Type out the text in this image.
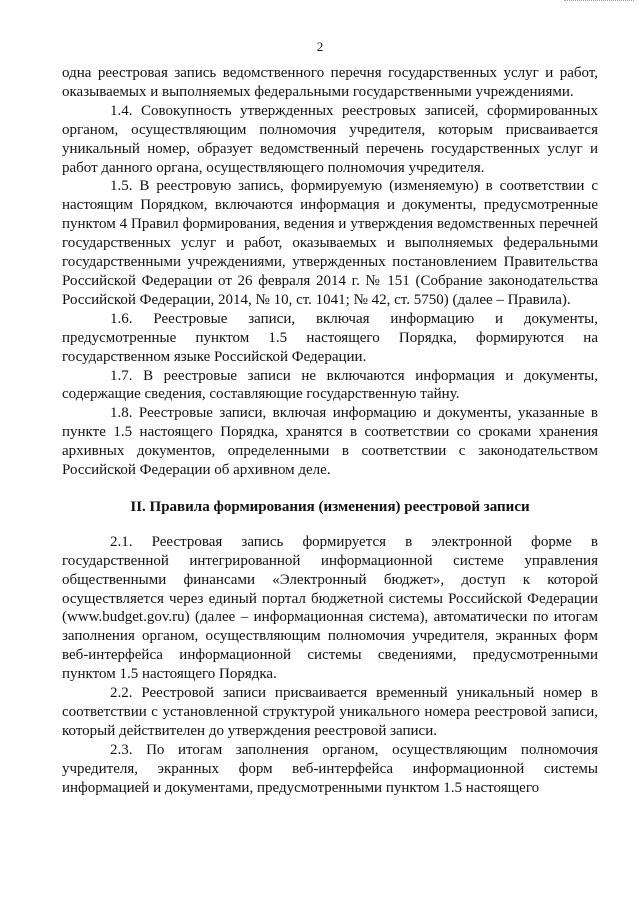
2

одна реестровая запись ведомственного перечня государственных услуг и работ, оказываемых и выполняемых федеральными государственными учреждениями.

1.4. Совокупность утвержденных реестровых записей, сформированных органом, осуществляющим полномочия учредителя, которым присваивается уникальный номер, образует ведомственный перечень государственных услуг и работ данного органа, осуществляющего полномочия учредителя.

1.5. В реестровую запись, формируемую (изменяемую) в соответствии с настоящим Порядком, включаются информация и документы, предусмотренные пунктом 4 Правил формирования, ведения и утверждения ведомственных перечней государственных услуг и работ, оказываемых и выполняемых федеральными государственными учреждениями, утвержденных постановлением Правительства Российской Федерации от 26 февраля 2014 г. № 151 (Собрание законодательства Российской Федерации, 2014, № 10, ст. 1041; № 42, ст. 5750) (далее – Правила).

1.6. Реестровые записи, включая информацию и документы, предусмотренные пунктом 1.5 настоящего Порядка, формируются на государственном языке Российской Федерации.

1.7. В реестровые записи не включаются информация и документы, содержащие сведения, составляющие государственную тайну.

1.8. Реестровые записи, включая информацию и документы, указанные в пункте 1.5 настоящего Порядка, хранятся в соответствии со сроками хранения архивных документов, определенными в соответствии с законодательством Российской Федерации об архивном деле.

II. Правила формирования (изменения) реестровой записи

2.1. Реестровая запись формируется в электронной форме в государственной интегрированной информационной системе управления общественными финансами «Электронный бюджет», доступ к которой осуществляется через единый портал бюджетной системы Российской Федерации (www.budget.gov.ru) (далее – информационная система), автоматически по итогам заполнения органом, осуществляющим полномочия учредителя, экранных форм веб-интерфейса информационной системы сведениями, предусмотренными пунктом 1.5 настоящего Порядка.

2.2. Реестровой записи присваивается временный уникальный номер в соответствии с установленной структурой уникального номера реестровой записи, который действителен до утверждения реестровой записи.

2.3. По итогам заполнения органом, осуществляющим полномочия учредителя, экранных форм веб-интерфейса информационной системы информацией и документами, предусмотренными пунктом 1.5 настоящего
